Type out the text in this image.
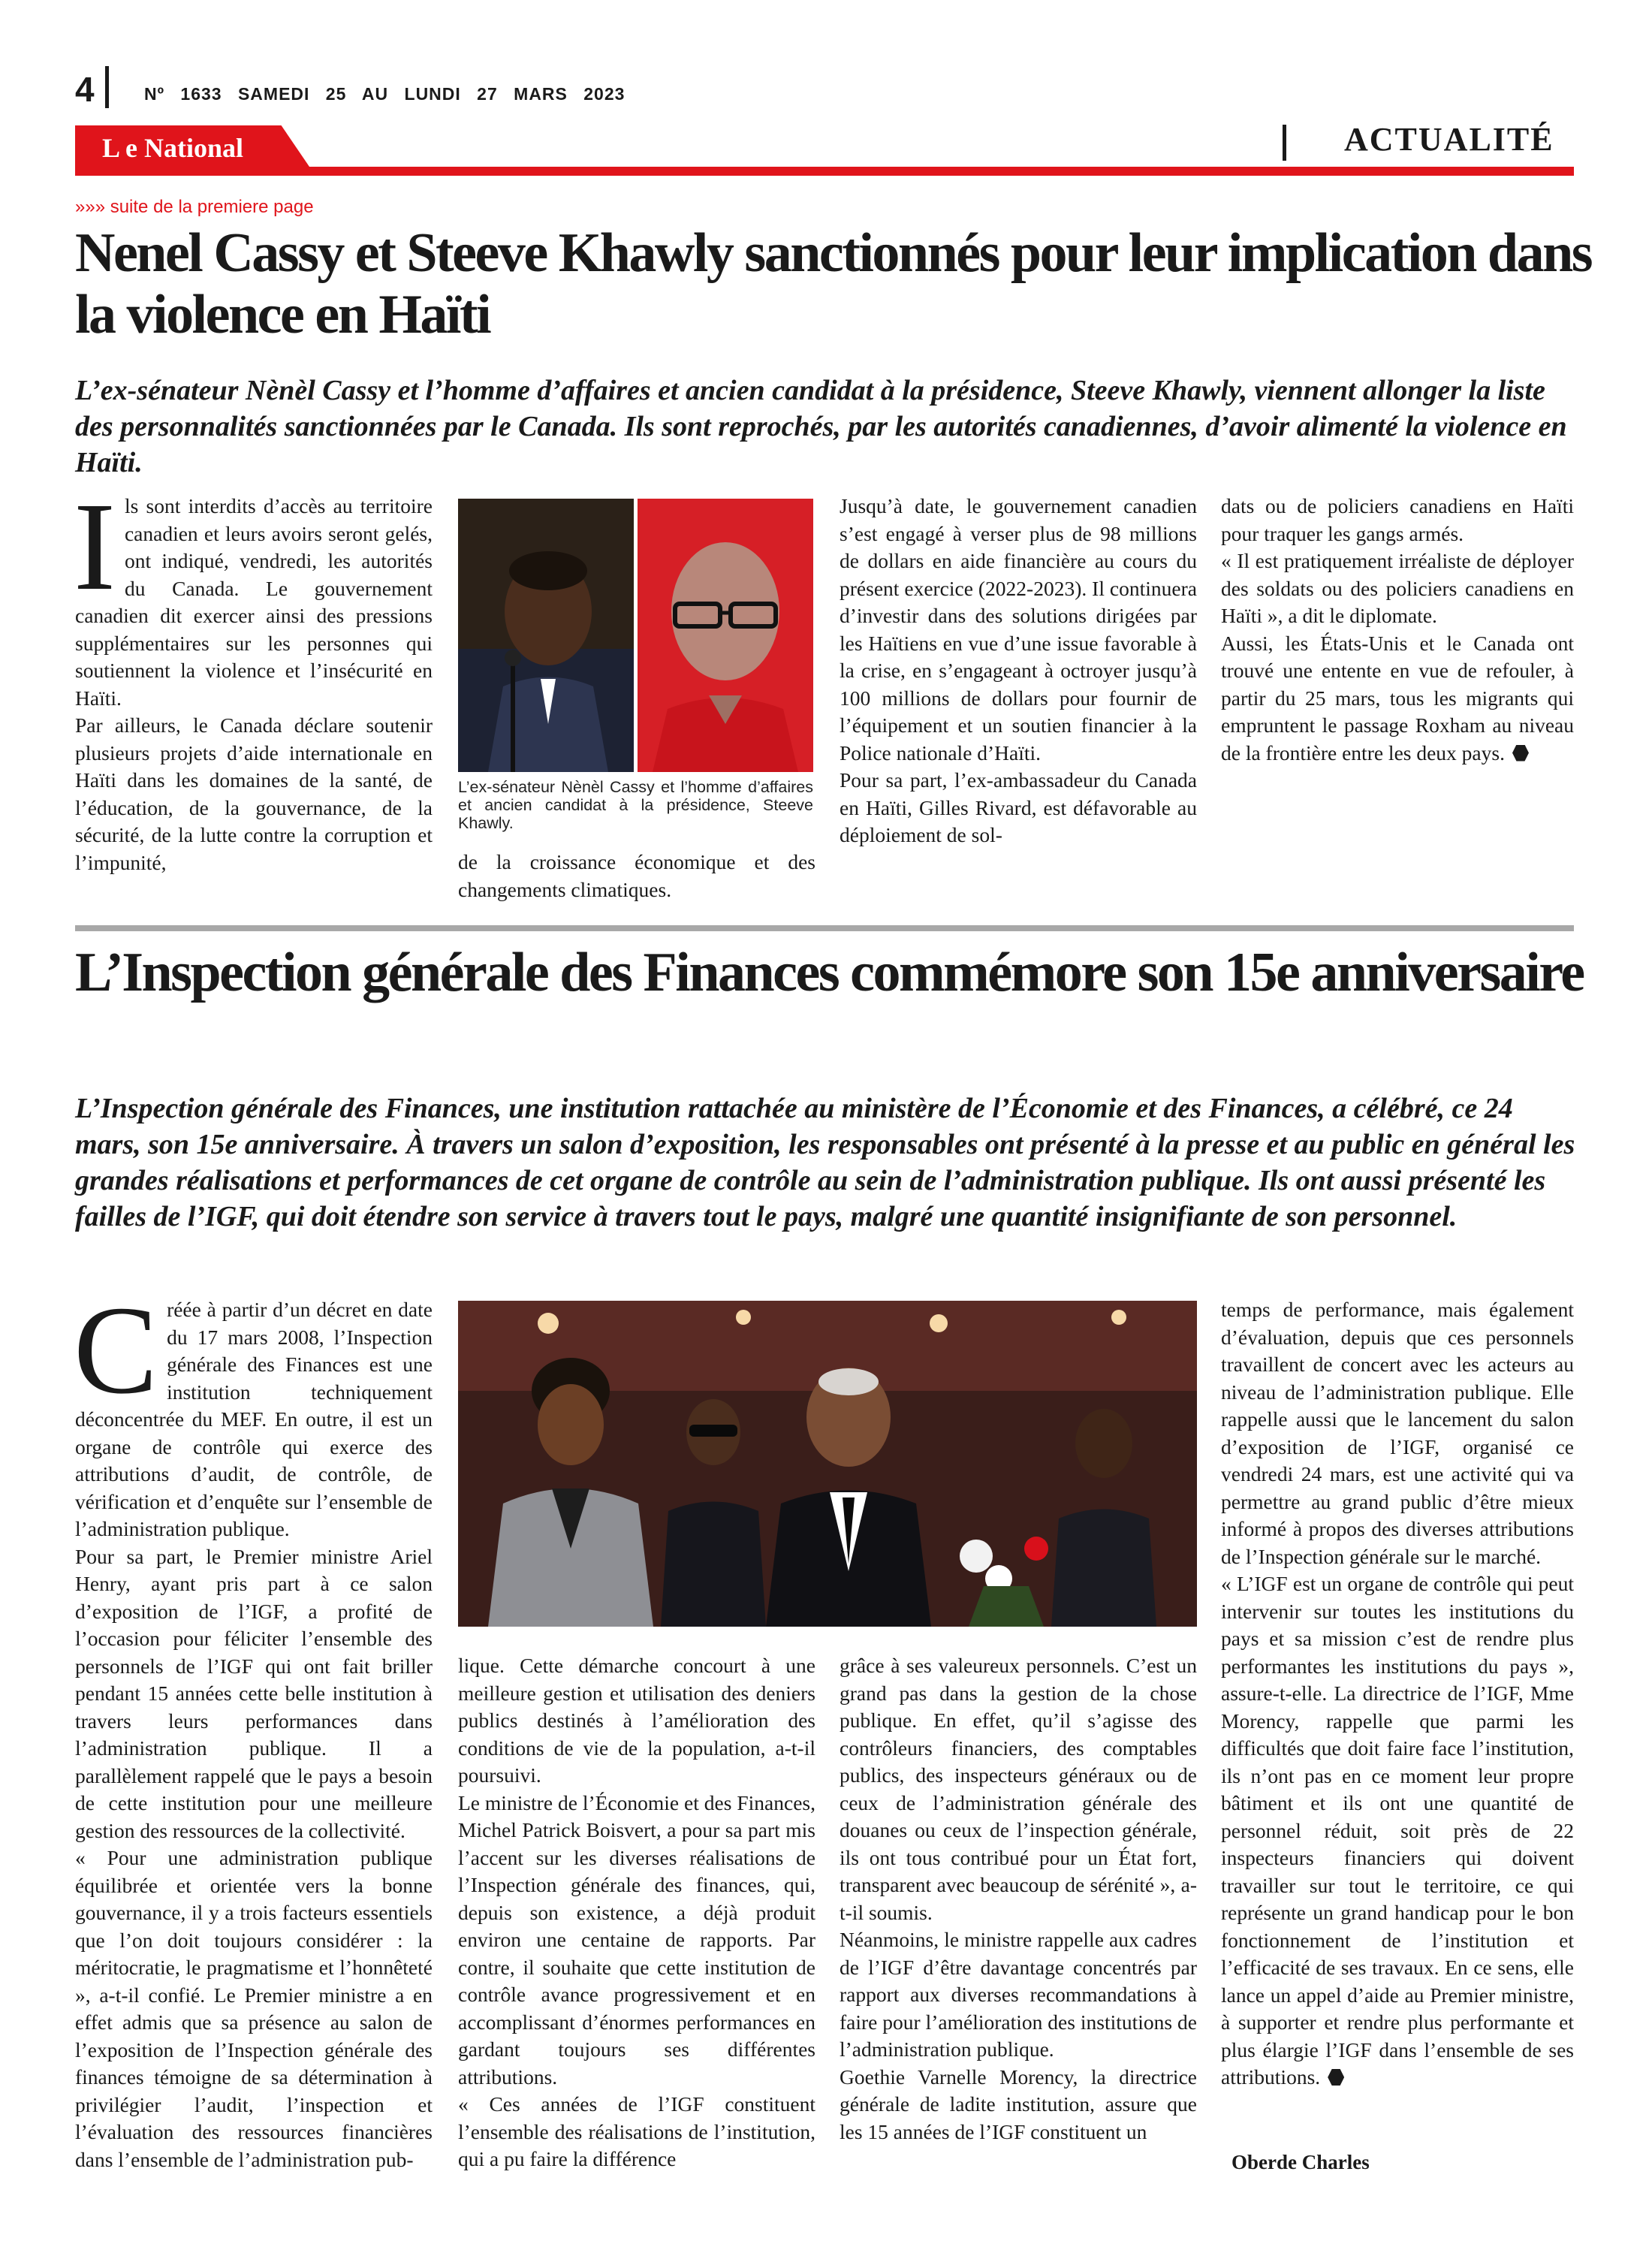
4	Nº 1633 SAMEDI 25 AU LUNDI 27 MARS 2023
L e National	ACTUALITÉ
»»» suite de la premiere page
Nenel Cassy et Steeve Khawly sanctionnés pour leur implication dans la violence en Haïti
L’ex-sénateur Nènèl Cassy et l’homme d’affaires et ancien candidat à la présidence, Steeve Khawly, viennent allonger la liste des personnalités sanctionnées par le Canada. Ils sont reprochés, par les autorités canadiennes, d’avoir alimenté la violence en Haïti.
I ls sont interdits d’accès au territoire canadien et leurs avoirs seront gelés, ont indiqué, vendredi, les autorités du Canada. Le gouvernement canadien dit exercer ainsi des pressions supplémentaires sur les personnes qui soutiennent la violence et l’insécurité en Haïti.

Par ailleurs, le Canada déclare soutenir plusieurs projets d’aide internationale en Haïti dans les domaines de la santé, de l’éducation, de la gouvernance, de la sécurité, de la lutte contre la corruption et l’impunité,

L’ex-sénateur Nènèl Cassy et l’homme d’affaires et ancien candidat à la présidence, Steeve Khawly.

de la croissance économique et des changements climatiques.

Jusqu’à date, le gouvernement canadien s’est engagé à verser plus de 98 millions de dollars en aide financière au cours du présent exercice (2022-2023). Il continuera d’investir dans des solutions dirigées par les Haïtiens en vue d’une issue favorable à la crise, en s’engageant à octroyer jusqu’à 100 millions de dollars pour fournir de l’équipement et un soutien financier à la Police nationale d’Haïti.

Pour sa part, l’ex-ambassadeur du Canada en Haïti, Gilles Rivard, est défavorable au déploiement de sol-

dats ou de policiers canadiens en Haïti pour traquer les gangs armés.

« Il est pratiquement irréaliste de déployer des soldats ou des policiers canadiens en Haïti », a dit le diplomate.

Aussi, les États-Unis et le Canada ont trouvé une entente en vue de refouler, à partir du 25 mars, tous les migrants qui empruntent le passage Roxham au niveau de la frontière entre les deux pays.

L’Inspection générale des Finances commémore son 15e anniversaire
L’Inspection générale des Finances, une institution rattachée au ministère de l’Économie et des Finances, a célébré, ce 24 mars, son 15e anniversaire. À travers un salon d’exposition, les responsables ont présenté à la presse et au public en général les grandes réalisations et performances de cet organe de contrôle au sein de l’administration publique. Ils ont aussi présenté les failles de l’IGF, qui doit étendre son service à travers tout le pays, malgré une quantité insignifiante de son personnel.
C réée à partir d’un décret en date du 17 mars 2008, l’Inspection générale des Finances est une institution techniquement déconcentrée du MEF. En outre, il est un organe de contrôle qui exerce des attributions d’audit, de contrôle, de vérification et d’enquête sur l’ensemble de l’administration publique.

Pour sa part, le Premier ministre Ariel Henry, ayant pris part à ce salon d’exposition de l’IGF, a profité de l’occasion pour féliciter l’ensemble des personnels de l’IGF qui ont fait briller pendant 15 années cette belle institution à travers leurs performances dans l’administration publique. Il a parallèlement rappelé que le pays a besoin de cette institution pour une meilleure gestion des ressources de la collectivité.

« Pour une administration publique équilibrée et orientée vers la bonne gouvernance, il y a trois facteurs essentiels que l’on doit toujours considérer : la méritocratie, le pragmatisme et l’honnêteté », a-t-il confié. Le Premier ministre a en effet admis que sa présence au salon de l’exposition de l’Inspection générale des finances témoigne de sa détermination à privilégier l’audit, l’inspection et l’évaluation des ressources financières dans l’ensemble de l’administration pub-

lique. Cette démarche concourt à une meilleure gestion et utilisation des deniers publics destinés à l’amélioration des conditions de vie de la population, a-t-il poursuivi.

Le ministre de l’Économie et des Finances, Michel Patrick Boisvert, a pour sa part mis l’accent sur les diverses réalisations de l’Inspection générale des finances, qui, depuis son existence, a déjà produit environ une centaine de rapports. Par contre, il souhaite que cette institution de contrôle avance progressivement et en accomplissant d’énormes performances en gardant toujours ses différentes attributions.

« Ces années de l’IGF constituent l’ensemble des réalisations de l’institution, qui a pu faire la différence

grâce à ses valeureux personnels. C’est un grand pas dans la gestion de la chose publique. En effet, qu’il s’agisse des contrôleurs financiers, des comptables publics, des inspecteurs généraux ou de ceux de l’administration générale des douanes ou ceux de l’inspection générale, ils ont tous contribué pour un État fort, transparent avec beaucoup de sérénité », a-t-il soumis.

Néanmoins, le ministre rappelle aux cadres de l’IGF d’être davantage concentrés par rapport aux diverses recommandations à faire pour l’amélioration des institutions de l’administration publique.

Goethie Varnelle Morency, la directrice générale de ladite institution, assure que les 15 années de l’IGF constituent un

temps de performance, mais également d’évaluation, depuis que ces personnels travaillent de concert avec les acteurs au niveau de l’administration publique. Elle rappelle aussi que le lancement du salon d’exposition de l’IGF, organisé ce vendredi 24 mars, est une activité qui va permettre au grand public d’être mieux informé à propos des diverses attributions de l’Inspection générale sur le marché.

« L’IGF est un organe de contrôle qui peut intervenir sur toutes les institutions du pays et sa mission c’est de rendre plus performantes les institutions du pays », assure-t-elle. La directrice de l’IGF, Mme Morency, rappelle que parmi les difficultés que doit faire face l’institution, ils n’ont pas en ce moment leur propre bâtiment et ils ont une quantité de personnel réduit, soit près de 22 inspecteurs financiers qui doivent travailler sur tout le territoire, ce qui représente un grand handicap pour le bon fonctionnement de l’institution et l’efficacité de ses travaux. En ce sens, elle lance un appel d’aide au Premier ministre, à supporter et rendre plus performante et plus élargie l’IGF dans l’ensemble de ses attributions.

Oberde Charles
